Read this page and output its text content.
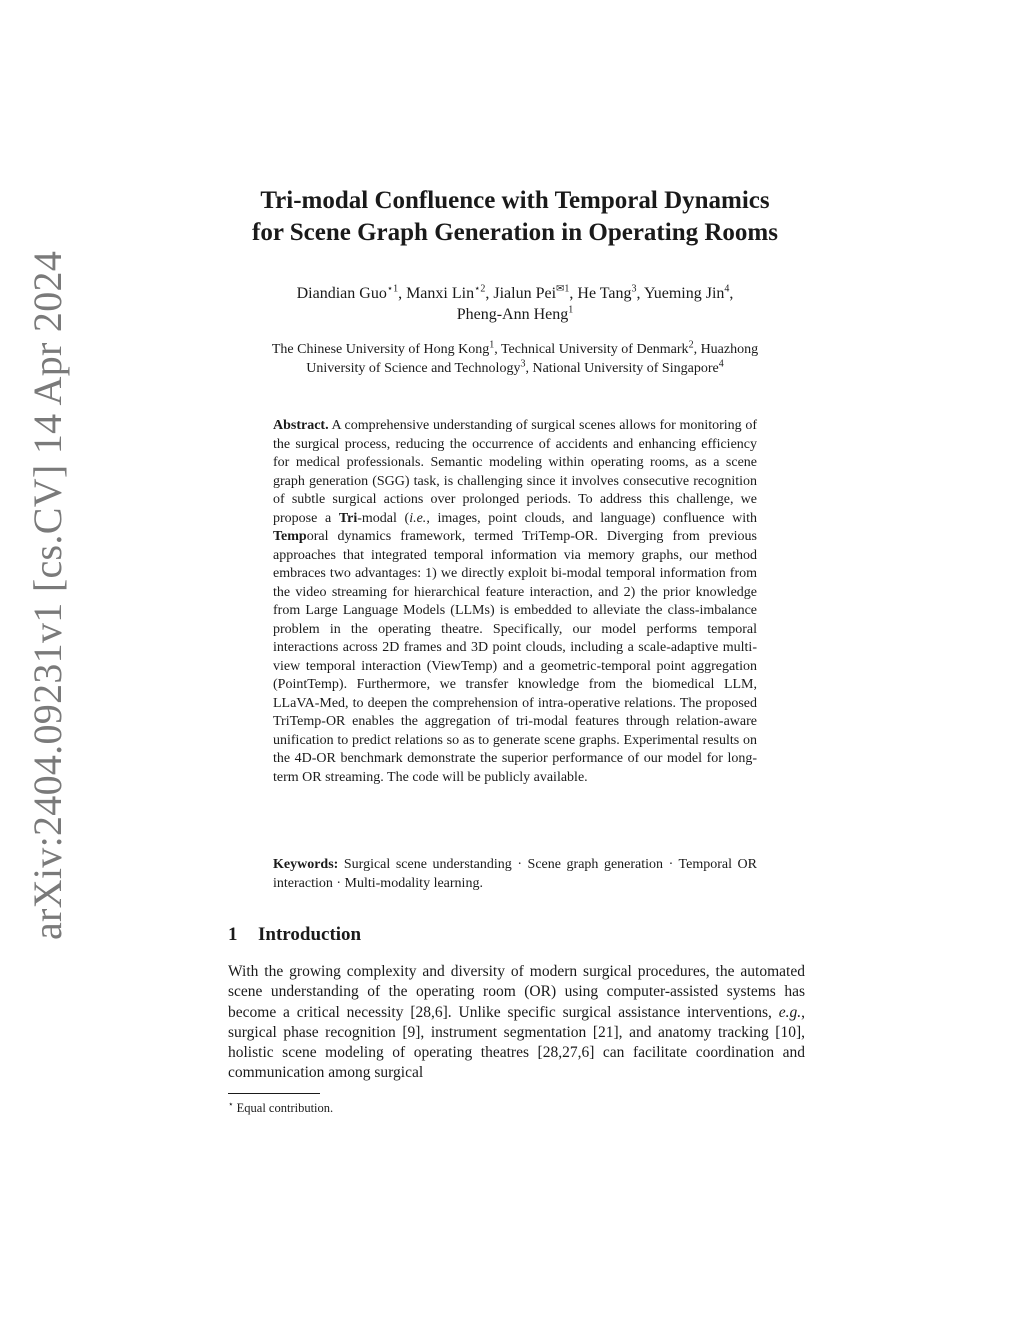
arXiv:2404.09231v1 [cs.CV] 14 Apr 2024
Tri-modal Confluence with Temporal Dynamics
for Scene Graph Generation in Operating Rooms
Diandian Guo$^{⋆1}$, Manxi Lin$^{⋆2}$, Jialun Pei$^{✉1}$, He Tang$^3$, Yueming Jin$^4$,
Pheng-Ann Heng$^1$
The Chinese University of Hong Kong$^1$, Technical University of Denmark$^2$, Huazhong
University of Science and Technology$^3$, National University of Singapore$^4$
Abstract. A comprehensive understanding of surgical scenes allows for monitoring of the surgical process, reducing the occurrence of accidents and enhancing efficiency for medical professionals. Semantic modeling within operating rooms, as a scene graph generation (SGG) task, is challenging since it involves consecutive recognition of subtle surgical actions over prolonged periods. To address this challenge, we propose a Tri-modal (i.e., images, point clouds, and language) confluence with Temporal dynamics framework, termed TriTemp-OR. Diverging from previous approaches that integrated temporal information via memory graphs, our method embraces two advantages: 1) we directly exploit bi-modal temporal information from the video streaming for hierarchical feature interaction, and 2) the prior knowledge from Large Language Models (LLMs) is embedded to alleviate the class-imbalance problem in the operating theatre. Specifically, our model performs temporal interactions across 2D frames and 3D point clouds, including a scale-adaptive multi-view temporal interaction (ViewTemp) and a geometric-temporal point aggregation (PointTemp). Furthermore, we transfer knowledge from the biomedical LLM, LLaVA-Med, to deepen the comprehension of intra-operative relations. The proposed TriTemp-OR enables the aggregation of tri-modal features through relation-aware unification to predict relations so as to generate scene graphs. Experimental results on the 4D-OR benchmark demonstrate the superior performance of our model for long-term OR streaming. The code will be publicly available.
Keywords: Surgical scene understanding · Scene graph generation · Temporal OR interaction · Multi-modality learning.
1 Introduction
With the growing complexity and diversity of modern surgical procedures, the automated scene understanding of the operating room (OR) using computer-assisted systems has become a critical necessity [28,6]. Unlike specific surgical assistance interventions, e.g., surgical phase recognition [9], instrument segmentation [21], and anatomy tracking [10], holistic scene modeling of operating theatres [28,27,6] can facilitate coordination and communication among surgical
⋆ Equal contribution.
